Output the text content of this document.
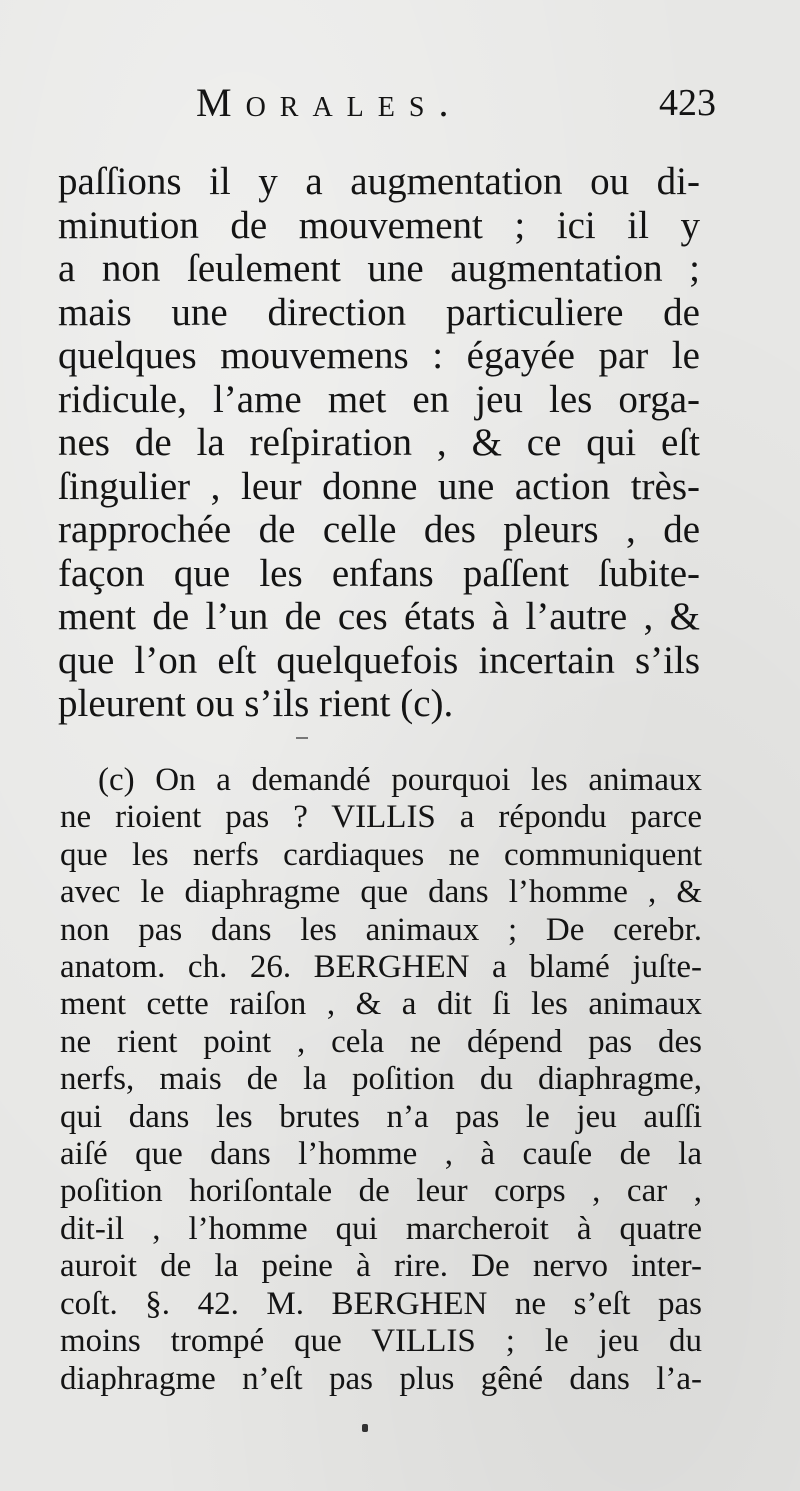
Morales.	423
paſſions il y a augmentation ou di-
minution de mouvement ; ici il y
a non ſeulement une augmentation ;
mais une direction particuliere de
quelques mouvemens : égayée par le
ridicule, l’ame met en jeu les orga-
nes de la reſpiration , & ce qui eſt
ſingulier , leur donne une action très-
rapprochée de celle des pleurs , de
façon que les enfans paſſent ſubite-
ment de l’un de ces états à l’autre , &
que l’on eſt quelquefois incertain s’ils
pleurent ou s’ils rient (c).
(c) On a demandé pourquoi les animaux
ne rioient pas ? VILLIS a répondu parce
que les nerfs cardiaques ne communiquent
avec le diaphragme que dans l’homme , &
non pas dans les animaux ; De cerebr.
anatom. ch. 26. BERGHEN a blamé juſte-
ment cette raiſon , & a dit ſi les animaux
ne rient point , cela ne dépend pas des
nerfs, mais de la poſition du diaphragme,
qui dans les brutes n’a pas le jeu auſſi
aiſé que dans l’homme , à cauſe de la
poſition horiſontale de leur corps , car ,
dit-il , l’homme qui marcheroit à quatre
auroit de la peine à rire. De nervo inter-
coſt. §. 42. M. BERGHEN ne s’eſt pas
moins trompé que VILLIS ; le jeu du
diaphragme n’eſt pas plus gêné dans l’a-
